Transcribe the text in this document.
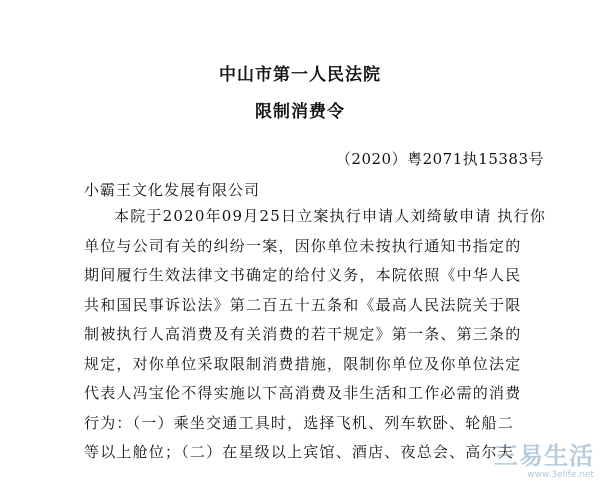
中山市第一人民法院
限制消费令
（2020）粤2071执15383号
小霸王文化发展有限公司
本院于2020年09月25日立案执行申请人刘绮敏申请 执行你
单位与公司有关的纠纷一案，因你单位未按执行通知书指定的
期间履行生效法律文书确定的给付义务，本院依照《中华人民
共和国民事诉讼法》第二百五十五条和《最高人民法院关于限
制被执行人高消费及有关消费的若干规定》第一条、第三条的
规定，对你单位采取限制消费措施，限制你单位及你单位法定
代表人冯宝伦不得实施以下高消费及非生活和工作必需的消费
行为：（一）乘坐交通工具时，选择飞机、列车软卧、轮船二
等以上舱位；（二）在星级以上宾馆、酒店、夜总会、高尔夫
三易生活
www.3elife.net
